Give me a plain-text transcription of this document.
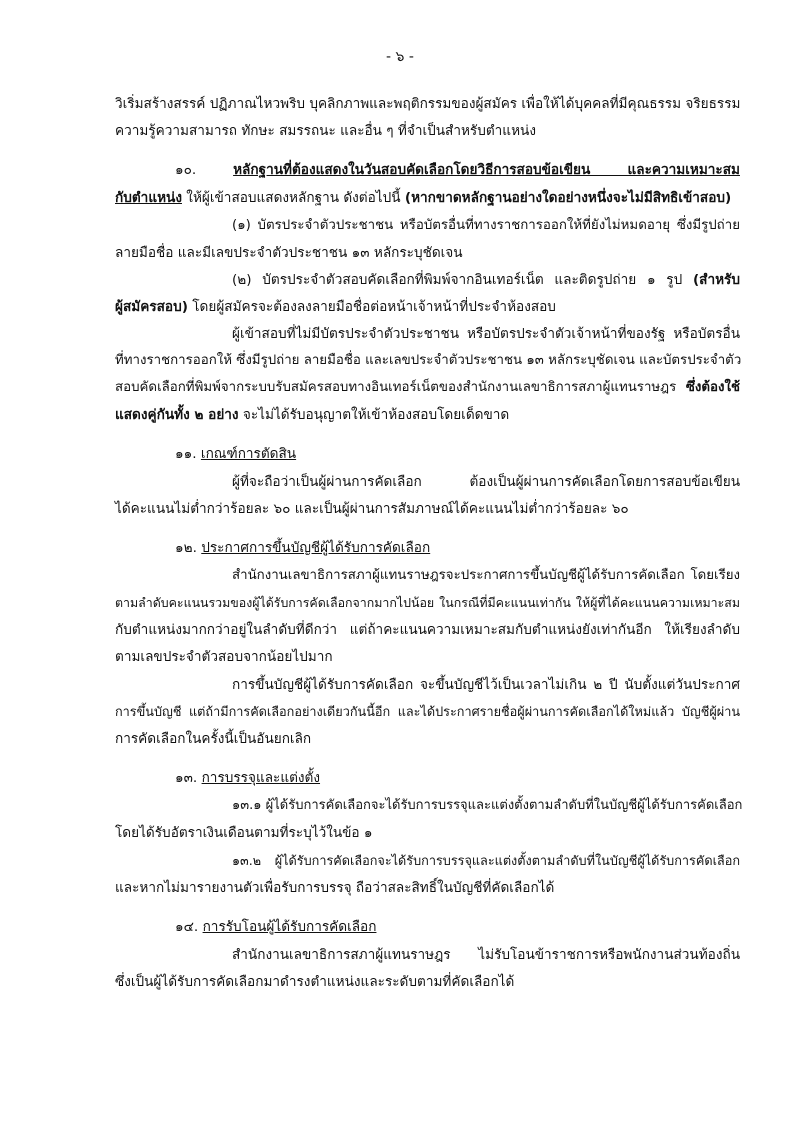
- ๖ -
วิเริ่มสร้างสรรค์ ปฏิภาณไหวพริบ บุคลิกภาพและพฤติกรรมของผู้สมัคร เพื่อให้ได้บุคคลที่มีคุณธรรม จริยธรรม
ความรู้ความสามารถ ทักษะ สมรรถนะ และอื่น ๆ ที่จำเป็นสำหรับตำแหน่ง
๑๐.	หลักฐานที่ต้องแสดงในวันสอบคัดเลือกโดยวิธีการสอบข้อเขียน และความเหมาะสม
กับตำแหน่ง ให้ผู้เข้าสอบแสดงหลักฐาน ดังต่อไปนี้ (หากขาดหลักฐานอย่างใดอย่างหนึ่งจะไม่มีสิทธิเข้าสอบ)
(๑) บัตรประจำตัวประชาชน หรือบัตรอื่นที่ทางราชการออกให้ที่ยังไม่หมดอายุ ซึ่งมีรูปถ่าย
ลายมือชื่อ และมีเลขประจำตัวประชาชน ๑๓ หลักระบุชัดเจน
(๒) บัตรประจำตัวสอบคัดเลือกที่พิมพ์จากอินเทอร์เน็ต และติดรูปถ่าย ๑ รูป (สำหรับ
ผู้สมัครสอบ) โดยผู้สมัครจะต้องลงลายมือชื่อต่อหน้าเจ้าหน้าที่ประจำห้องสอบ
ผู้เข้าสอบที่ไม่มีบัตรประจำตัวประชาชน หรือบัตรประจำตัวเจ้าหน้าที่ของรัฐ หรือบัตรอื่น
ที่ทางราชการออกให้ ซึ่งมีรูปถ่าย ลายมือชื่อ และเลขประจำตัวประชาชน ๑๓ หลักระบุชัดเจน และบัตรประจำตัว
สอบคัดเลือกที่พิมพ์จากระบบรับสมัครสอบทางอินเทอร์เน็ตของสำนักงานเลขาธิการสภาผู้แทนราษฎร ซึ่งต้องใช้
แสดงคู่กันทั้ง ๒ อย่าง จะไม่ได้รับอนุญาตให้เข้าห้องสอบโดยเด็ดขาด
๑๑. เกณฑ์การตัดสิน
ผู้ที่จะถือว่าเป็นผู้ผ่านการคัดเลือก ต้องเป็นผู้ผ่านการคัดเลือกโดยการสอบข้อเขียน
ได้คะแนนไม่ต่ำกว่าร้อยละ ๖๐ และเป็นผู้ผ่านการสัมภาษณ์ได้คะแนนไม่ต่ำกว่าร้อยละ ๖๐
๑๒. ประกาศการขึ้นบัญชีผู้ได้รับการคัดเลือก
สำนักงานเลขาธิการสภาผู้แทนราษฎรจะประกาศการขึ้นบัญชีผู้ได้รับการคัดเลือก โดยเรียง
ตามลำดับคะแนนรวมของผู้ได้รับการคัดเลือกจากมากไปน้อย ในกรณีที่มีคะแนนเท่ากัน ให้ผู้ที่ได้คะแนนความเหมาะสม
กับตำแหน่งมากกว่าอยู่ในลำดับที่ดีกว่า แต่ถ้าคะแนนความเหมาะสมกับตำแหน่งยังเท่ากันอีก ให้เรียงลำดับ
ตามเลขประจำตัวสอบจากน้อยไปมาก
การขึ้นบัญชีผู้ได้รับการคัดเลือก จะขึ้นบัญชีไว้เป็นเวลาไม่เกิน ๒ ปี นับตั้งแต่วันประกาศ
การขึ้นบัญชี แต่ถ้ามีการคัดเลือกอย่างเดียวกันนี้อีก และได้ประกาศรายชื่อผู้ผ่านการคัดเลือกได้ใหม่แล้ว บัญชีผู้ผ่าน
การคัดเลือกในครั้งนี้เป็นอันยกเลิก
๑๓. การบรรจุและแต่งตั้ง
๑๓.๑ ผู้ได้รับการคัดเลือกจะได้รับการบรรจุและแต่งตั้งตามลำดับที่ในบัญชีผู้ได้รับการคัดเลือก
โดยได้รับอัตราเงินเดือนตามที่ระบุไว้ในข้อ ๑
๑๓.๒ ผู้ได้รับการคัดเลือกจะได้รับการบรรจุและแต่งตั้งตามลำดับที่ในบัญชีผู้ได้รับการคัดเลือก
และหากไม่มารายงานตัวเพื่อรับการบรรจุ ถือว่าสละสิทธิ์ในบัญชีที่คัดเลือกได้
๑๔. การรับโอนผู้ได้รับการคัดเลือก
สำนักงานเลขาธิการสภาผู้แทนราษฎร ไม่รับโอนข้าราชการหรือพนักงานส่วนท้องถิ่น
ซึ่งเป็นผู้ได้รับการคัดเลือกมาดำรงตำแหน่งและระดับตามที่คัดเลือกได้
